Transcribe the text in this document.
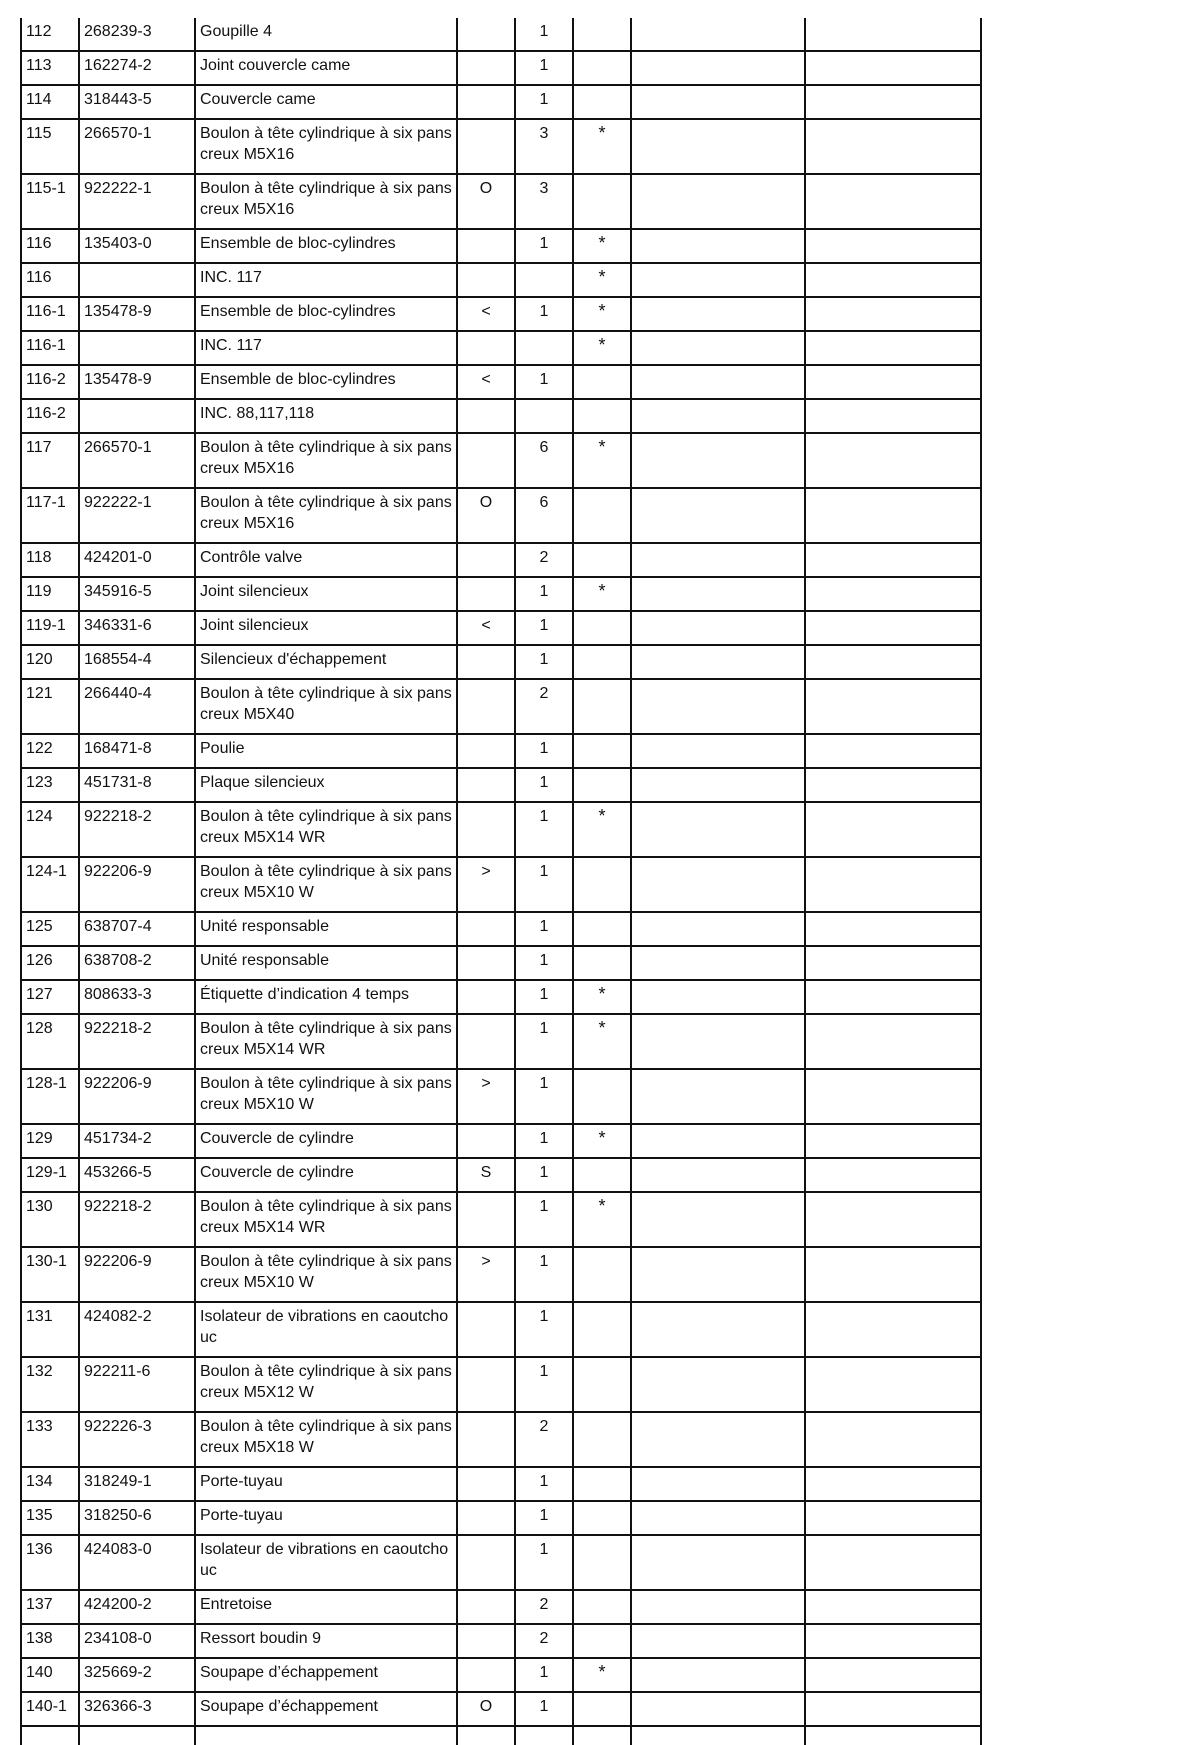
112	268239-3	Goupille 4		1			
113	162274-2	Joint couvercle came		1			
114	318443-5	Couvercle came		1			
115	266570-1	Boulon à tête cylindrique à six pans creux M5X16		3	*		
115-1	922222-1	Boulon à tête cylindrique à six pans creux M5X16	O	3			
116	135403-0	Ensemble de bloc-cylindres		1	*		
116		INC. 117			*		
116-1	135478-9	Ensemble de bloc-cylindres	<	1	*		
116-1		INC. 117			*		
116-2	135478-9	Ensemble de bloc-cylindres	<	1			
116-2		INC. 88,117,118					
117	266570-1	Boulon à tête cylindrique à six pans creux M5X16		6	*		
117-1	922222-1	Boulon à tête cylindrique à six pans creux M5X16	O	6			
118	424201-0	Contrôle valve		2			
119	345916-5	Joint silencieux		1	*		
119-1	346331-6	Joint silencieux	<	1			
120	168554-4	Silencieux d'échappement		1			
121	266440-4	Boulon à tête cylindrique à six pans creux M5X40		2			
122	168471-8	Poulie		1			
123	451731-8	Plaque silencieux		1			
124	922218-2	Boulon à tête cylindrique à six pans creux M5X14 WR		1	*		
124-1	922206-9	Boulon à tête cylindrique à six pans creux M5X10 W	>	1			
125	638707-4	Unité responsable		1			
126	638708-2	Unité responsable		1			
127	808633-3	Étiquette d’indication 4 temps		1	*		
128	922218-2	Boulon à tête cylindrique à six pans creux M5X14 WR		1	*		
128-1	922206-9	Boulon à tête cylindrique à six pans creux M5X10 W	>	1			
129	451734-2	Couvercle de cylindre		1	*		
129-1	453266-5	Couvercle de cylindre	S	1			
130	922218-2	Boulon à tête cylindrique à six pans creux M5X14 WR		1	*		
130-1	922206-9	Boulon à tête cylindrique à six pans creux M5X10 W	>	1			
131	424082-2	Isolateur de vibrations en caoutchouc		1			
132	922211-6	Boulon à tête cylindrique à six pans creux M5X12 W		1			
133	922226-3	Boulon à tête cylindrique à six pans creux M5X18 W		2			
134	318249-1	Porte-tuyau		1			
135	318250-6	Porte-tuyau		1			
136	424083-0	Isolateur de vibrations en caoutchouc		1			
137	424200-2	Entretoise		2			
138	234108-0	Ressort boudin 9		2			
140	325669-2	Soupape d’échappement		1	*		
140-1	326366-3	Soupape d’échappement	O	1			
